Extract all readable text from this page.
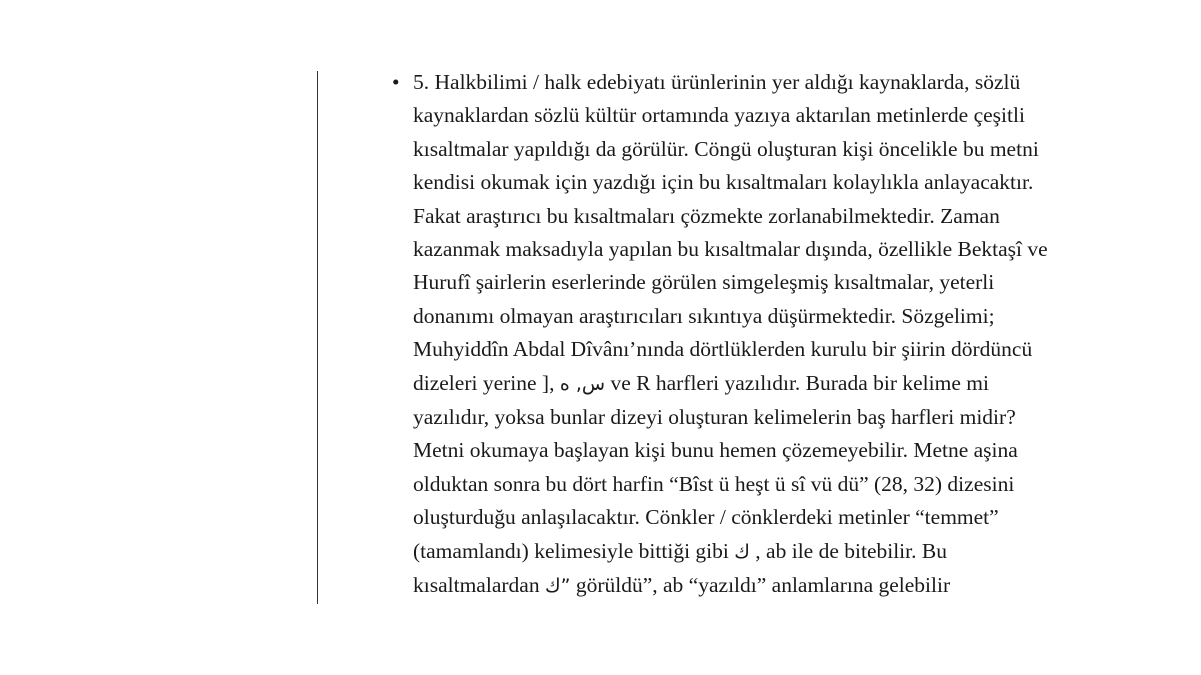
• 5. Halkbilimi / halk edebiyatı ürünlerinin yer aldığı kaynaklarda, sözlü
kaynaklardan sözlü kültür ortamında yazıya aktarılan metinlerde çeşitli
kısaltmalar yapıldığı da görülür. Cöngü oluşturan kişi öncelikle bu metni
kendisi okumak için yazdığı için bu kısaltmaları kolaylıkla anlayacaktır.
Fakat araştırıcı bu kısaltmaları çözmekte zorlanabilmektedir. Zaman
kazanmak maksadıyla yapılan bu kısaltmalar dışında, özellikle Bektaşî ve
Hurufî şairlerin eserlerinde görülen simgeleşmiş kısaltmalar, yeterli
donanımı olmayan araştırıcıları sıkıntıya düşürmektedir. Sözgelimi;
Muhyiddîn Abdal Dîvânı’nında dörtlüklerden kurulu bir şiirin dördüncü
dizeleri yerine ], س, ه ve R harfleri yazılıdır. Burada bir kelime mi
yazılıdır, yoksa bunlar dizeyi oluşturan kelimelerin baş harfleri midir?
Metni okumaya başlayan kişi bunu hemen çözemeyebilir. Metne aşina
olduktan sonra bu dört harfin “Bîst ü heşt ü sî vü dü” (28, 32) dizesini
oluşturduğu anlaşılacaktır. Cönkler / cönklerdeki metinler “temmet”
(tamamlandı) kelimesiyle bittiği gibi ك , ab ile de bitebilir. Bu
kısaltmalardan ك” görüldü”, ab “yazıldı” anlamlarına gelebilir
